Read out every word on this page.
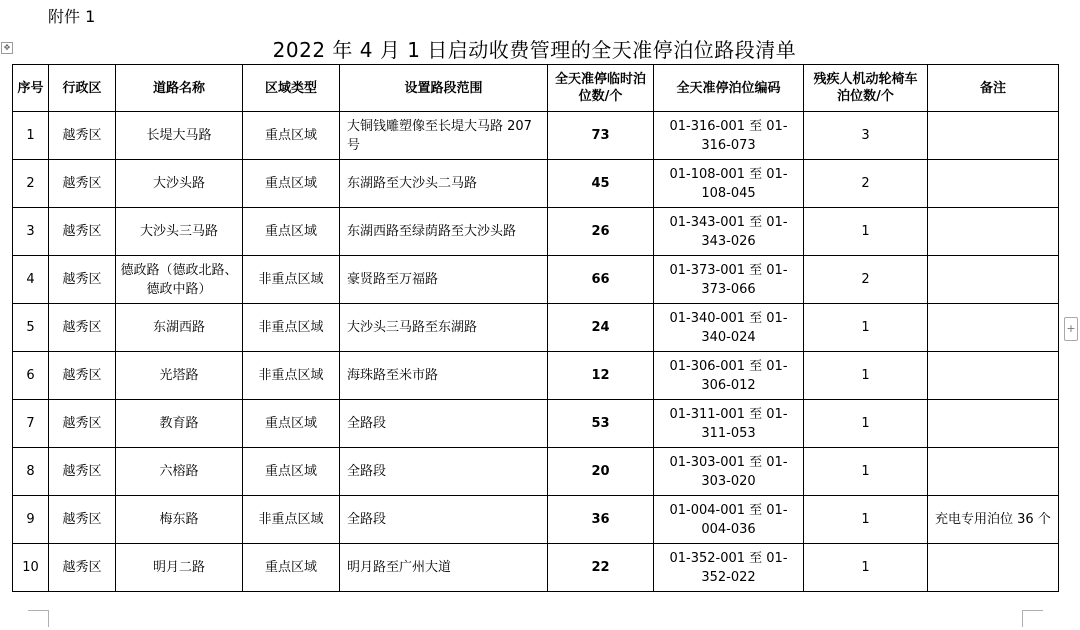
附件 1
✥	2022 年 4 月 1 日启动收费管理的全天准停泊位路段清单
序号	行政区	道路名称	区域类型	设置路段范围	全天准停临时泊位数/个	全天准停泊位编码	残疾人机动轮椅车泊位数/个	备注
1	越秀区	长堤大马路	重点区域	大铜钱雕塑像至长堤大马路 207 号	73	01-316-001 至 01-316-073	3	
2	越秀区	大沙头路	重点区域	东湖路至大沙头二马路	45	01-108-001 至 01-108-045	2	
3	越秀区	大沙头三马路	重点区域	东湖西路至绿荫路至大沙头路	26	01-343-001 至 01-343-026	1	
4	越秀区	德政路（德政北路、德政中路）	非重点区域	豪贤路至万福路	66	01-373-001 至 01-373-066	2	
5	越秀区	东湖西路	非重点区域	大沙头三马路至东湖路	24	01-340-001 至 01-340-024	1	
6	越秀区	光塔路	非重点区域	海珠路至米市路	12	01-306-001 至 01-306-012	1	
7	越秀区	教育路	重点区域	全路段	53	01-311-001 至 01-311-053	1	
8	越秀区	六榕路	重点区域	全路段	20	01-303-001 至 01-303-020	1	
9	越秀区	梅东路	非重点区域	全路段	36	01-004-001 至 01-004-036	1	充电专用泊位 36 个
10	越秀区	明月二路	重点区域	明月路至广州大道	22	01-352-001 至 01-352-022	1	
+
